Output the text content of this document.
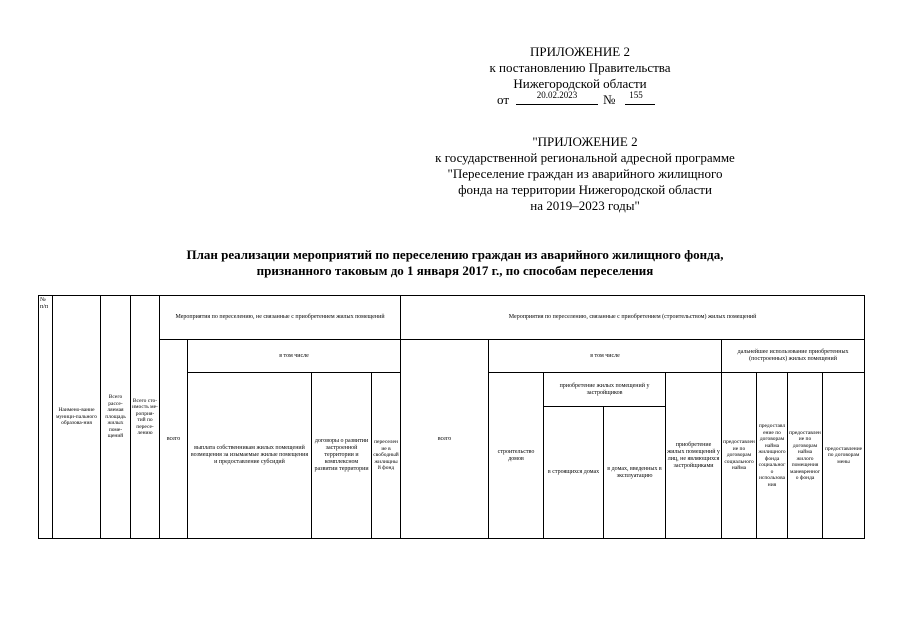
ПРИЛОЖЕНИЕ 2
к постановлению Правительства
Нижегородской области
от	20.02.2023	№	155
"ПРИЛОЖЕНИЕ 2
к государственной региональной адресной программе
"Переселение граждан из аварийного жилищного
фонда на территории Нижегородской области
на 2019–2023 годы"
План реализации мероприятий по переселению граждан из аварийного жилищного фонда,
признанного таковым до 1 января 2017 г., по способам переселения
№ п/п	Наимено-вание муници-пального образова-ния	Всего рассе-ляемая площадь жилых поме-щений	Всего сто-имость ме-роприя-тий по пересе-лению	Мероприятия по переселению, не связанные с приобретением жилых помещений				Мероприятия по переселению, связанные с приобретением (строительством) жилых помещений								
				всего	в том числе			всего	в том числе				дальнейшее использование приобретенных (построенных) жилых помещений			
					выплата собственникам жилых помещений возмещения за изымаемые жилые помещения и предоставление субсидий	договоры о развитии застроенной территории и комплексном развитии территории	переселение в свободный жилищный фонд		строительство домов	приобретение жилых помещений у застройщиков		приобретение жилых помещений у лиц, не являющихся застройщиками	предоставление по договорам социального найма	предоставление по договорам найма жилищного фонда социального использования	предоставление по договорам найма жилого помещения маневренного фонда	предоставление по договорам мены
										в строящихся домах	в домах, введенных в эксплуатацию					
